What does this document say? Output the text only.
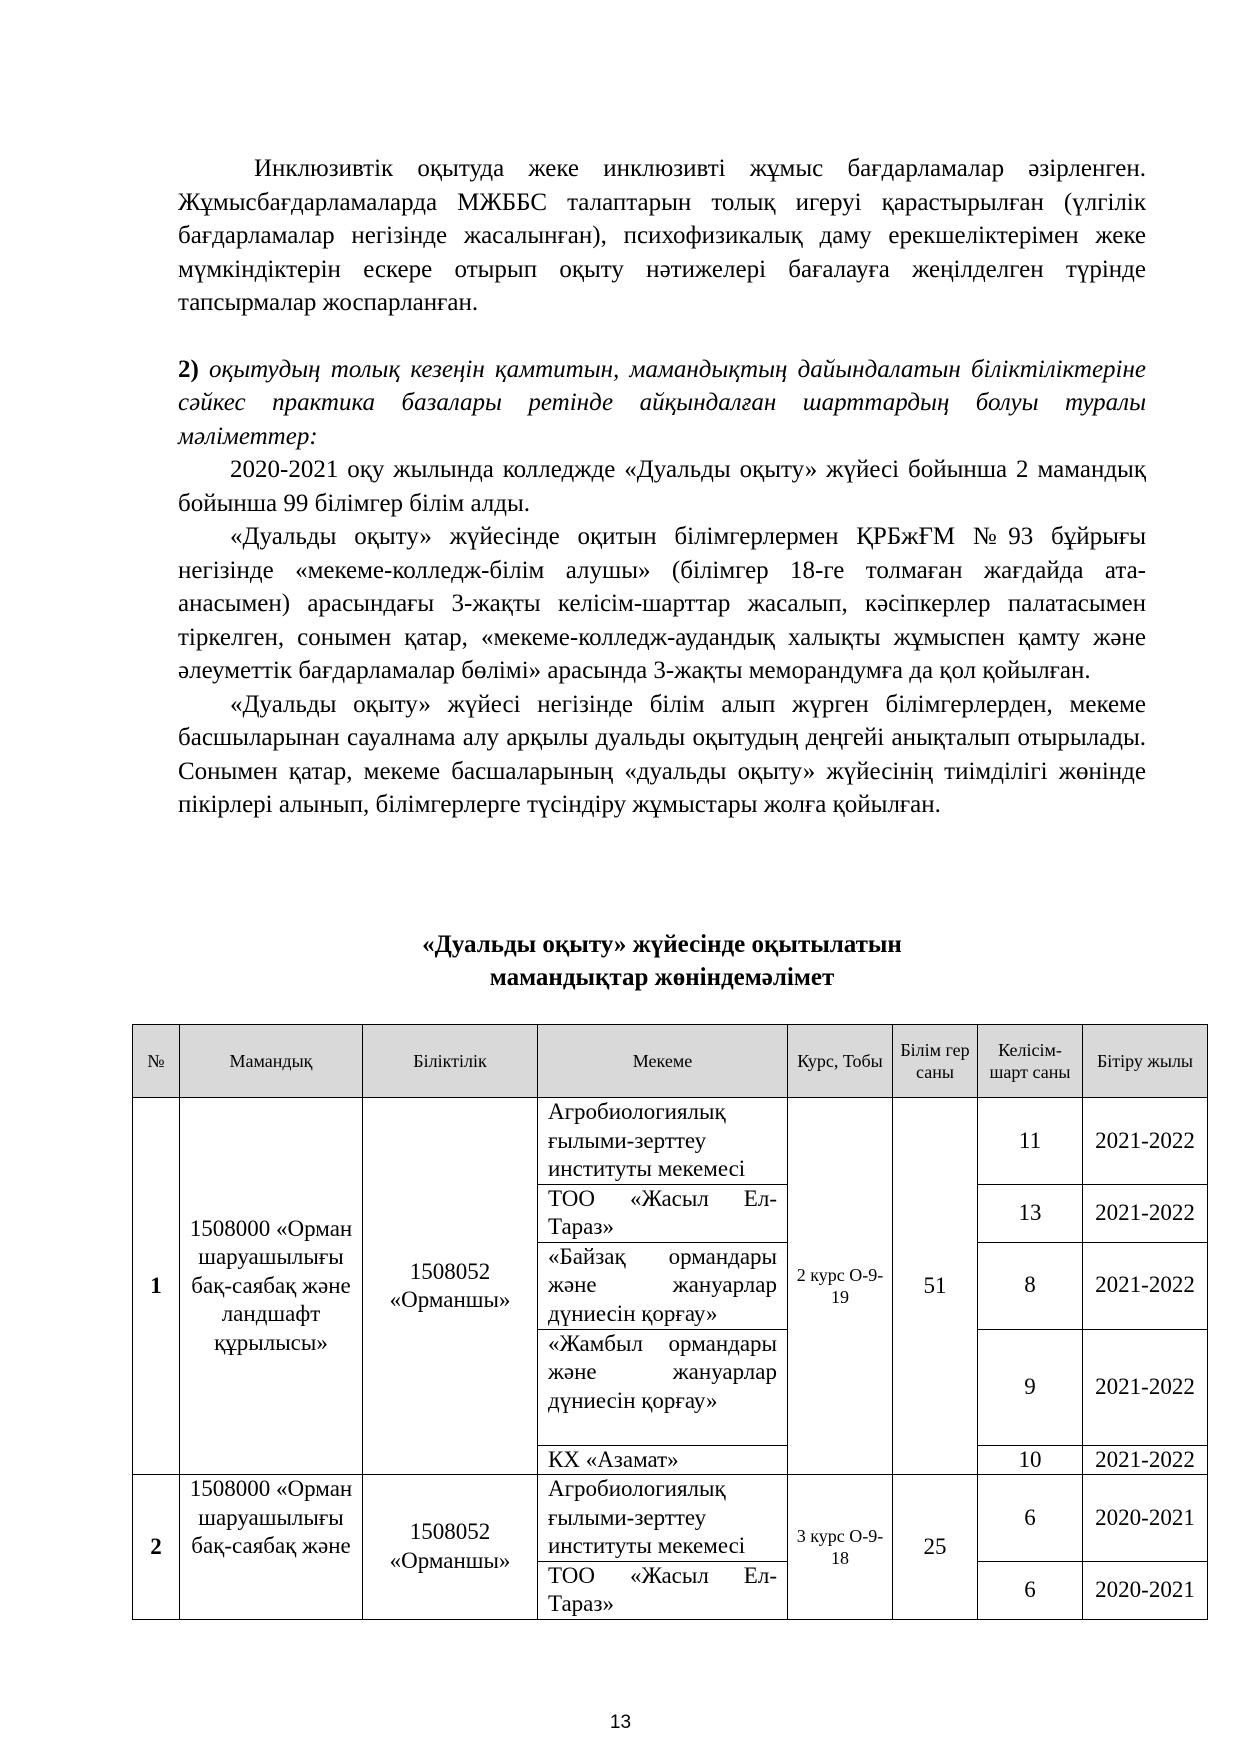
Инклюзивтік оқытуда жеке инклюзивті жұмыс бағдарламалар әзірленген. Жұмысбағдарламаларда МЖББС талаптарын толық игеруі қарастырылған (үлгілік бағдарламалар негізінде жасалынған), психофизикалық даму ерекшеліктерімен жеке мүмкіндіктерін ескере отырып оқыту нәтижелері бағалауға жеңілделген түрінде тапсырмалар жоспарланған.

2) оқытудың толық кезеңін қамтитын, мамандықтың дайындалатын біліктіліктеріне сәйкес практика базалары ретінде айқындалған шарттардың болуы туралы мәліметтер:

2020-2021 оқу жылында колледжде «Дуальды оқыту» жүйесі бойынша 2 мамандық бойынша 99 білімгер білім алды.

«Дуальды оқыту» жүйесінде оқитын білімгерлермен ҚРБжҒМ №93 бұйрығы негізінде «мекеме-колледж-білім алушы» (білімгер 18-ге толмаған жағдайда ата-анасымен) арасындағы 3-жақты келісім-шарттар жасалып, кәсіпкерлер палатасымен тіркелген, сонымен қатар, «мекеме-колледж-аудандық халықты жұмыспен қамту және әлеуметтік бағдарламалар бөлімі» арасында 3-жақты меморандумға да қол қойылған.

«Дуальды оқыту» жүйесі негізінде білім алып жүрген білімгерлерден, мекеме басшыларынан сауалнама алу арқылы дуальды оқытудың деңгейі анықталып отырылады. Сонымен қатар, мекеме басшаларының «дуальды оқыту» жүйесінің тиімділігі жөнінде пікірлері алынып, білімгерлерге түсіндіру жұмыстары жолға қойылған.

«Дуальды оқыту» жүйесінде оқытылатын
мамандықтар жөніндемәлімет
№	Мамандық	Біліктілік	Мекеме	Курс, Тобы	Білім гер саны	Келісім- шарт саны	Бітіру жылы
1	1508000 «Орман шаруашылығы бақ-саябақ және ландшафт құрылысы»	1508052 «Орманшы»	Агробиологиялық ғылыми-зерттеу институты мекемесі	2 курс О-9-19	51	11	2021-2022
			ТОО «Жасыл Ел-Тараз»			13	2021-2022
			«Байзақ ормандары және жануарлар дүниесін қорғау»			8	2021-2022
			«Жамбыл ормандары және жануарлар дүниесін қорғау»			9	2021-2022
			КХ «Азамат»			10	2021-2022
2	1508000 «Орман шаруашылығы бақ-саябақ және	1508052 «Орманшы»	Агробиологиялық ғылыми-зерттеу институты мекемесі	3 курс О-9-18	25	6	2020-2021
			ТОО «Жасыл Ел-Тараз»			6	2020-2021
13
